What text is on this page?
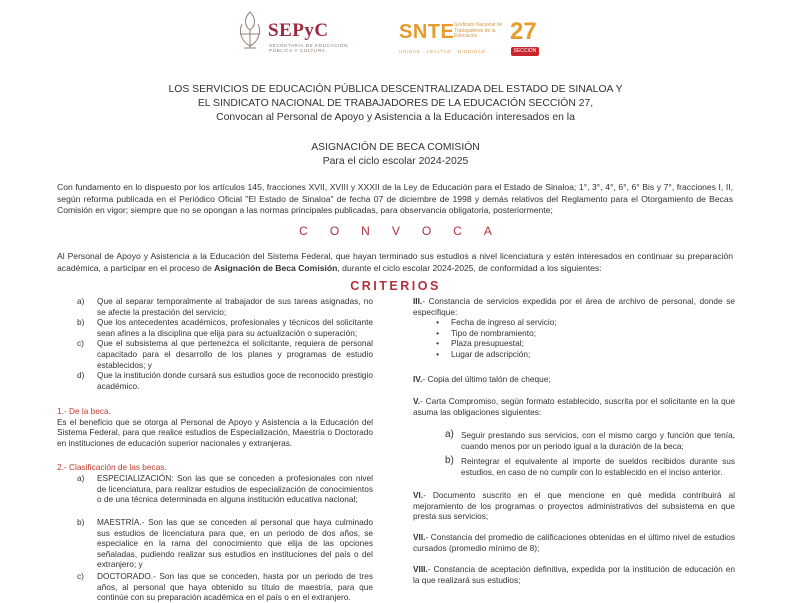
SEPyC
SECRETARÍA DE EDUCACIÓN PÚBLICA Y CULTURA
SNTE Sindicato Nacional de Trabajadores de la Educación
UNIDAD · LEALTAD · DIGNIDAD
27
SECCIÓN
LOS SERVICIOS DE EDUCACIÓN PÚBLICA DESCENTRALIZADA DEL ESTADO DE SINALOA Y
EL SINDICATO NACIONAL DE TRABAJADORES DE LA EDUCACIÓN SECCIÓN 27,
Convocan al Personal de Apoyo y Asistencia a la Educación interesados en la
ASIGNACIÓN DE BECA COMISIÓN
Para el ciclo escolar 2024-2025
Con fundamento en lo dispuesto por los artículos 145, fracciones XVII, XVIII y XXXII de la Ley de Educación para el Estado de Sinaloa; 1°, 3°, 4°, 6°, 6° Bis y 7°, fracciones I, II, según reforma publicada en el Periódico Oficial "El Estado de Sinaloa" de fecha 07 de diciembre de 1998 y demás relativos del Reglamento para el Otorgamiento de Becas Comisión en vigor; siempre que no se opongan a las normas principales publicadas, para observancia obligatoria, posteriormente;
CONVOCA
Al Personal de Apoyo y Asistencia a la Educación del Sistema Federal, que hayan terminado sus estudios a nivel licenciatura y estén interesados en continuar su preparación académica, a participar en el proceso de Asignación de Beca Comisión, durante el ciclo escolar 2024-2025, de conformidad a los siguientes:
CRITERIOS
a)	Que al separar temporalmente al trabajador de sus tareas asignadas, no se afecte la prestación del servicio;
b)	Que los antecedentes académicos, profesionales y técnicos del solicitante sean afines a la disciplina que elija para su actualización o superación;
c)	Que el subsistema al que pertenezca el solicitante, requiera de personal capacitado para el desarrollo de los planes y programas de estudio establecidos; y
d)	Que la institución donde cursará sus estudios goce de reconocido prestigio académico.
1.- De la beca.
Es el beneficio que se otorga al Personal de Apoyo y Asistencia a la Educación del Sistema Federal, para que realice estudios de Especialización, Maestría o Doctorado en instituciones de educación superior nacionales y extranjeras.
2.- Clasificación de las becas.
a)	ESPECIALIZACIÓN: Son las que se conceden a profesionales con nivel de licenciatura, para realizar estudios de especialización de conocimientos o de una técnica determinada en alguna institución educativa nacional;
b)	MAESTRÍA.- Son las que se conceden al personal que haya culminado sus estudios de licenciatura para que, en un periodo de dos años, se especialice en la rama del conocimiento que elija de las opciones señaladas, pudiendo realizar sus estudios en instituciones del país o del extranjero; y
c)	DOCTORADO.- Son las que se conceden, hasta por un periodo de tres años, al personal que haya obtenido su título de maestría, para que continúe con su preparación académica en el país o en el extranjero.
III.- Constancia de servicios expedida por el área de archivo de personal, donde se especifique:
•	Fecha de ingreso al servicio;
•	Tipo de nombramiento;
•	Plaza presupuestal;
•	Lugar de adscripción;
IV.- Copia del último talón de cheque;
V.- Carta Compromiso, según formato establecido, suscrita por el solicitante en la que asuma las obligaciones siguientes:
a) Seguir prestando sus servicios, con el mismo cargo y función que tenía, cuando menos por un periodo igual a la duración de la beca;
b) Reintegrar el equivalente al importe de sueldos recibidos durante sus estudios, en caso de no cumplir con lo establecido en el inciso anterior.
VI.- Documento suscrito en el que mencione en qué medida contribuirá al mejoramiento de los programas o proyectos administrativos del subsistema en que presta sus servicios;
VII.- Constancia del promedio de calificaciones obtenidas en el último nivel de estudios cursados (promedio mínimo de 8);
VIII.- Constancia de aceptación definitiva, expedida por la institución de educación en la que realizará sus estudios;
